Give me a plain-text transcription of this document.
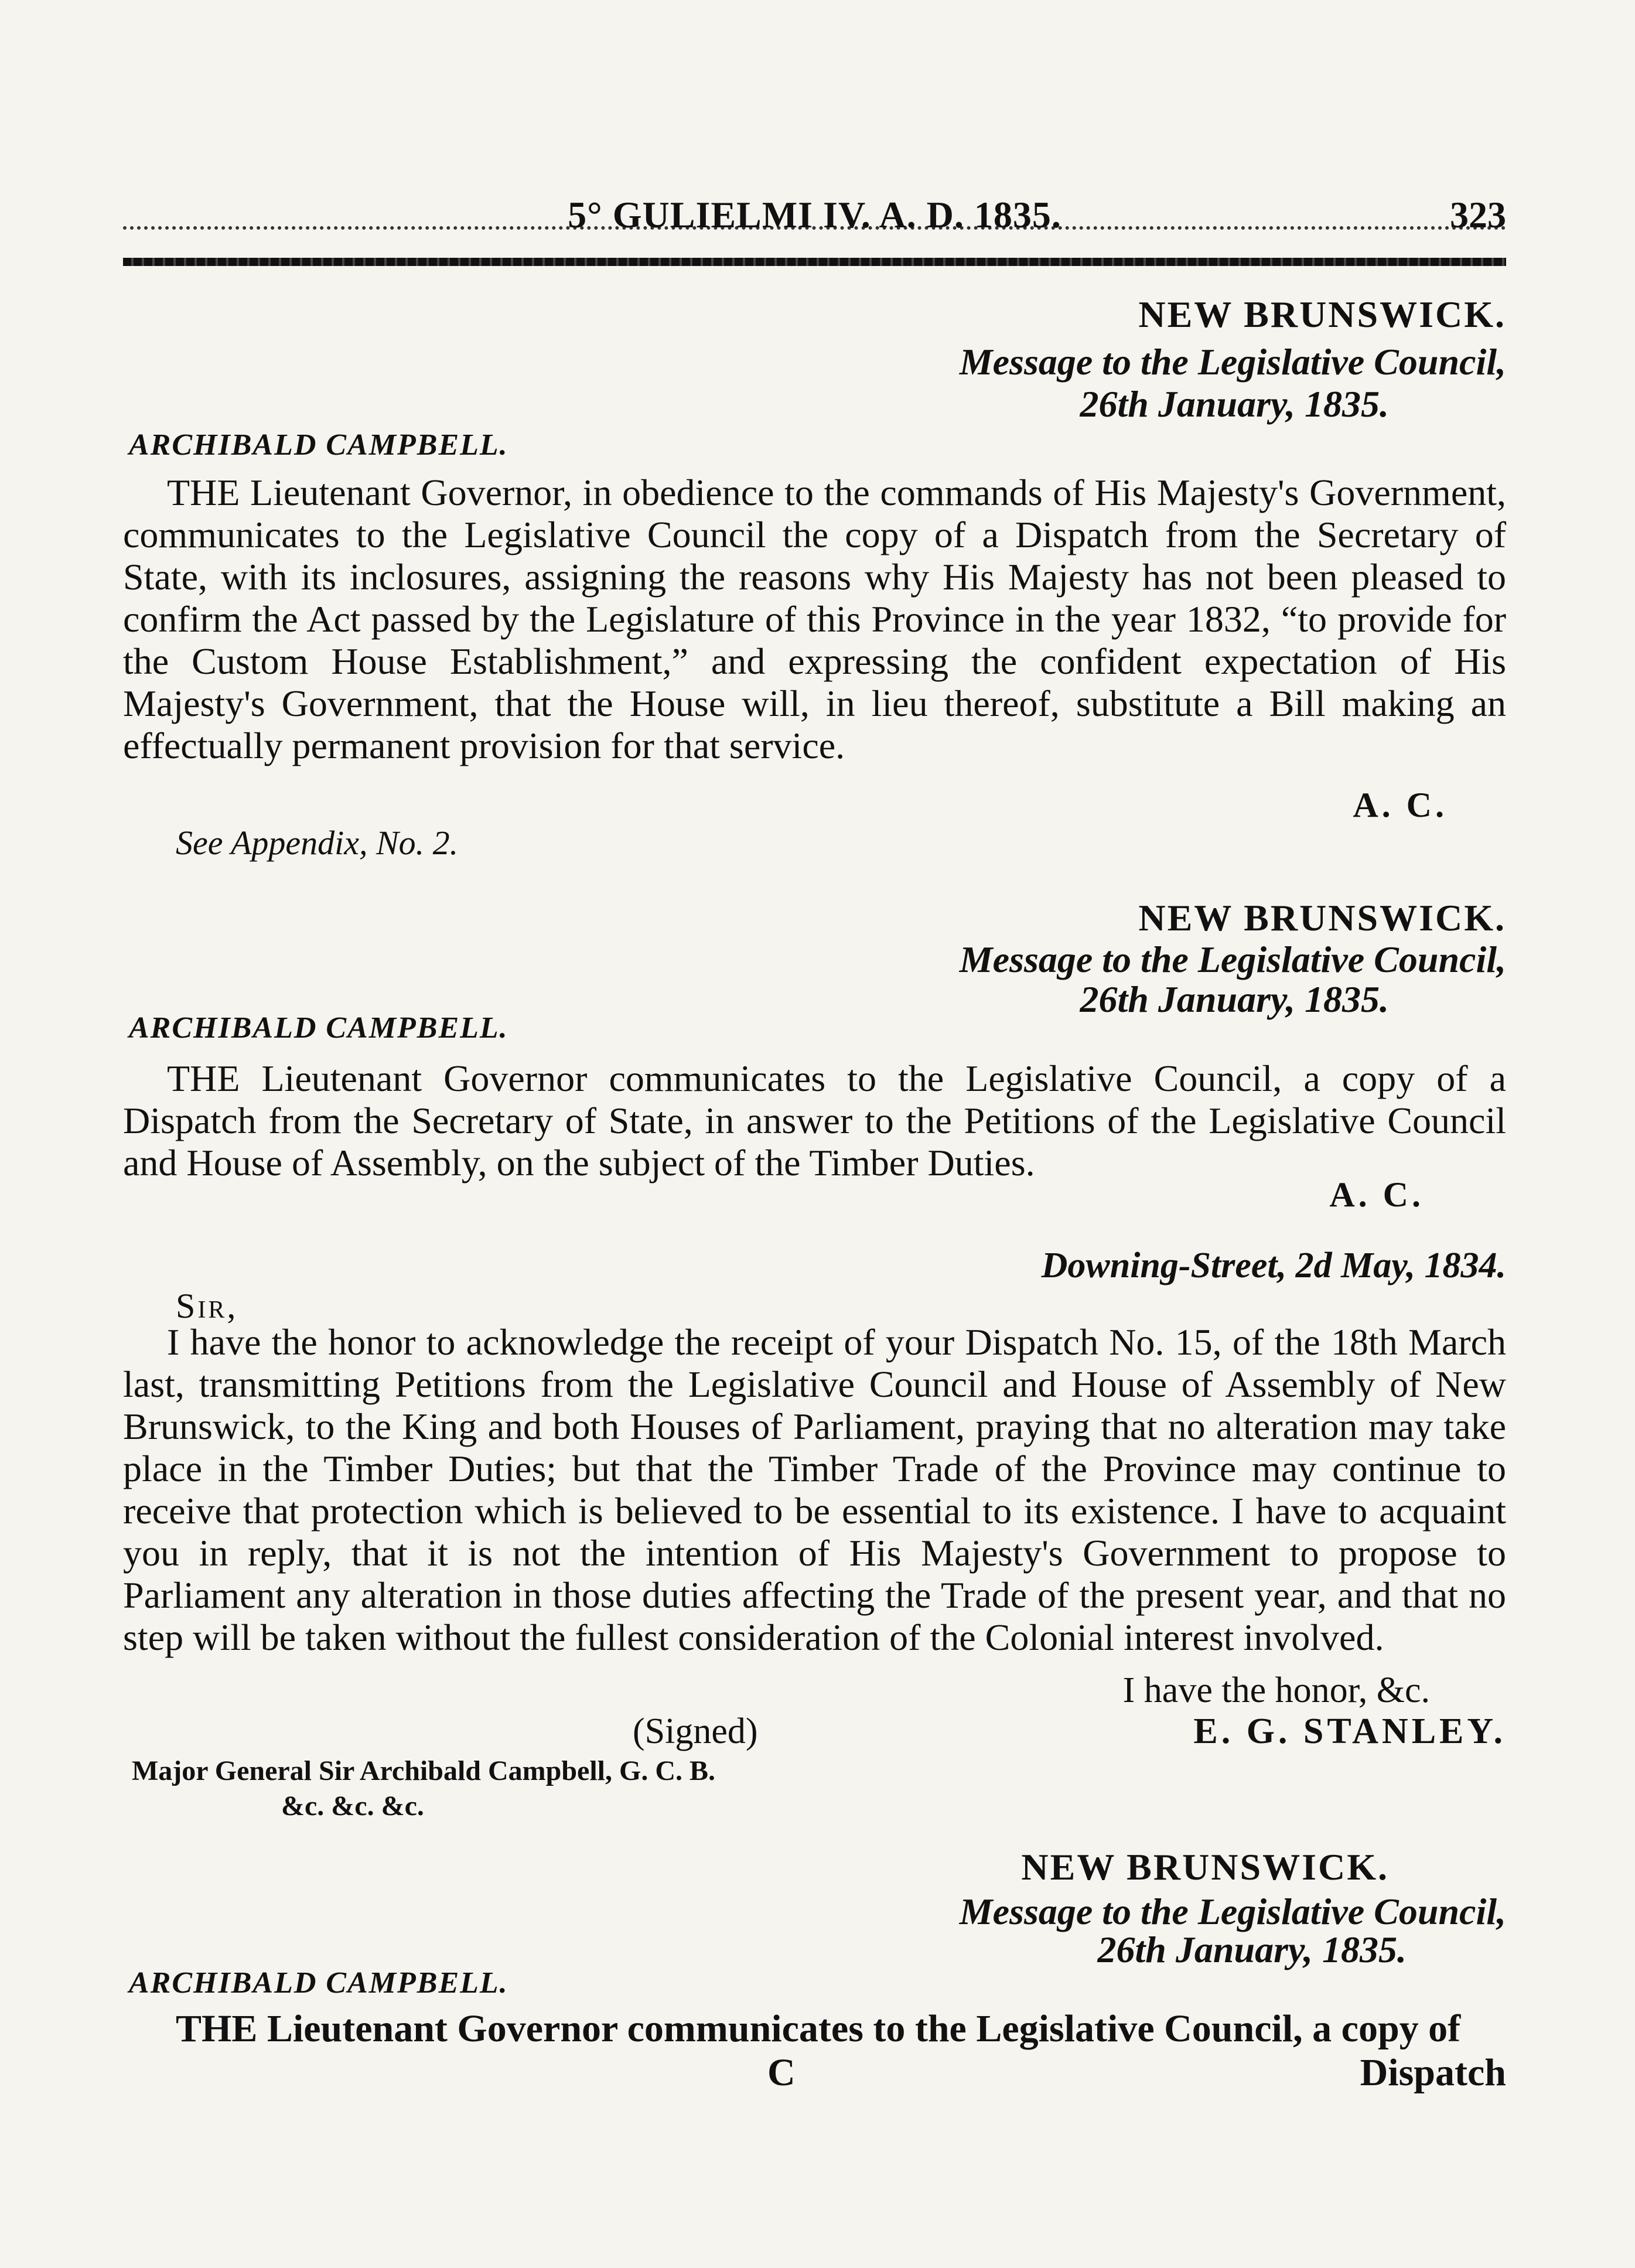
5° GULIELMI IV. A. D. 1835.	323
NEW BRUNSWICK.
Message to the Legislative Council,
26th January, 1835.
ARCHIBALD CAMPBELL.
THE Lieutenant Governor, in obedience to the commands of His Majesty's Government, communicates to the Legislative Council the copy of a Dispatch from the Secretary of State, with its inclosures, assigning the reasons why His Majesty has not been pleased to confirm the Act passed by the Legislature of this Province in the year 1832, “to provide for the Custom House Establishment,” and expressing the confident expectation of His Majesty's Government, that the House will, in lieu thereof, substitute a Bill making an effectually permanent provision for that service.
A. C.
See Appendix, No. 2.
NEW BRUNSWICK.
Message to the Legislative Council,
26th January, 1835.
ARCHIBALD CAMPBELL.
THE Lieutenant Governor communicates to the Legislative Council, a copy of a Dispatch from the Secretary of State, in answer to the Petitions of the Legislative Council and House of Assembly, on the subject of the Timber Duties.
A. C.
Downing-Street, 2d May, 1834.
Sir,
I have the honor to acknowledge the receipt of your Dispatch No. 15, of the 18th March last, transmitting Petitions from the Legislative Council and House of Assembly of New Brunswick, to the King and both Houses of Parliament, praying that no alteration may take place in the Timber Duties; but that the Timber Trade of the Province may continue to receive that protection which is believed to be essential to its existence. I have to acquaint you in reply, that it is not the intention of His Majesty's Government to propose to Parliament any alteration in those duties affecting the Trade of the present year, and that no step will be taken without the fullest consideration of the Colonial interest involved.
I have the honor, &c.
(Signed)	E. G. STANLEY.
Major General Sir Archibald Campbell, G. C. B.
&c. &c. &c.
NEW BRUNSWICK.
Message to the Legislative Council,
26th January, 1835.
ARCHIBALD CAMPBELL.
THE Lieutenant Governor communicates to the Legislative Council, a copy of
C	Dispatch
